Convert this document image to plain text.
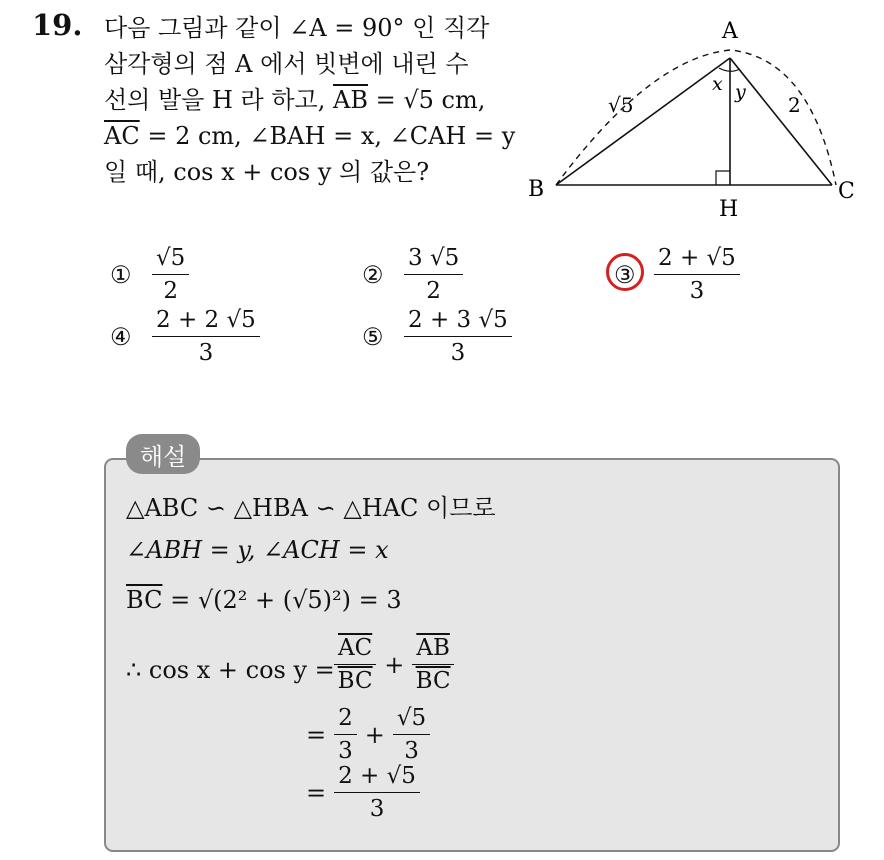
19. 다음 그림과 같이 ∠A = 90° 인 직각
삼각형의 점 A 에서 빗변에 내린 수
선의 발을 H 라 하고, $\overline{AB} = √5$ cm,
$\overline{AC} = 2$ cm, ∠BAH = x, ∠CAH = y
일 때, cos x + cos y 의 값은?
A
B	C
H
x y
√5	2
① $\frac{√5}{2}$	② $\frac{3 √5}{2}$	③ $\frac{2 + √5}{3}$
④ $\frac{2 + 2 √5}{3}$	⑤ $\frac{2 + 3 √5}{3}$
해설
△ABC ∽ △HBA ∽ △HAC 이므로
∠ABH = y, ∠ACH = x
$\overline{BC} = √(2^2 + (√5)^2) = 3$
∴ $\cos x + \cos y = \frac{\overline{AC}}{BC} + \frac{\overline{AB}}{BC}$
= $\frac{2}{3} + \frac{√5}{3}$
= $\frac{2 + √5}{3}$
